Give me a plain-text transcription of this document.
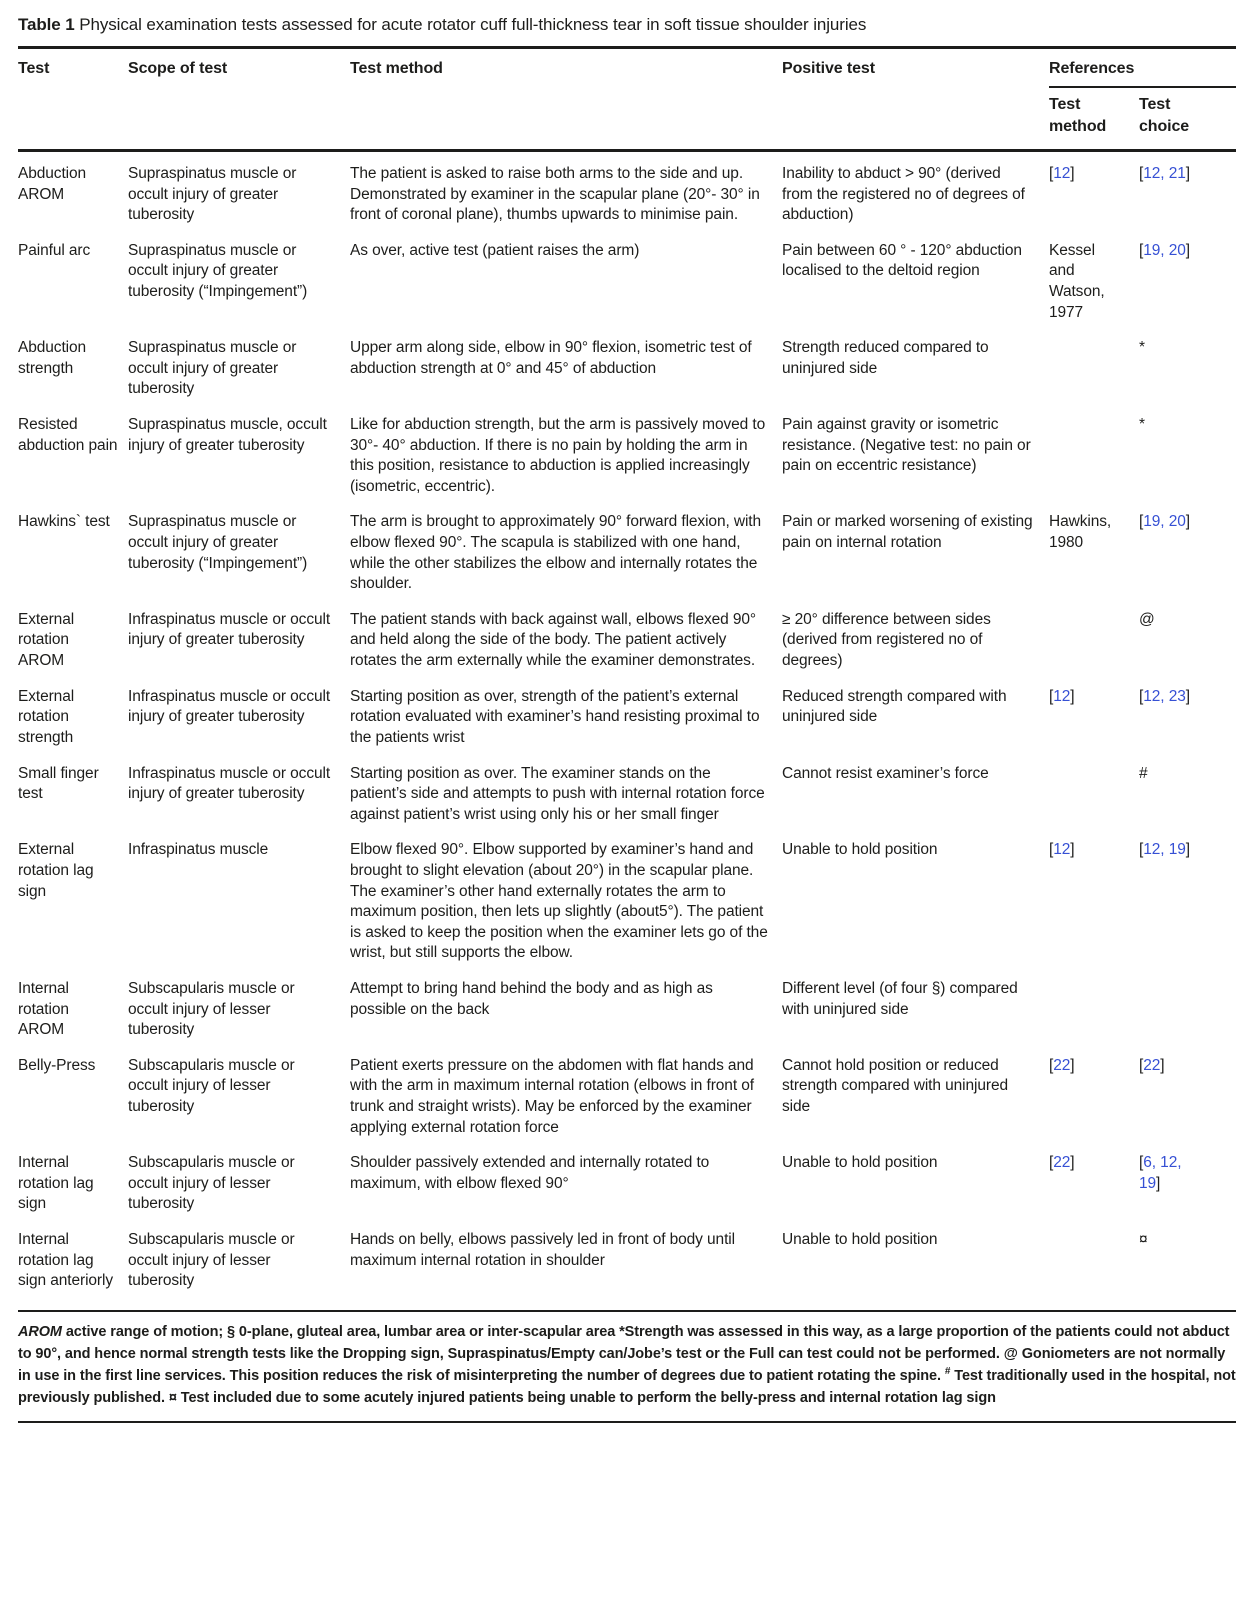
Table 1 Physical examination tests assessed for acute rotator cuff full-thickness tear in soft tissue shoulder injuries

Test	Scope of test	Test method	Positive test	References	
				Test method	Test choice
Abduction AROM	Supraspinatus muscle or occult injury of greater tuberosity	The patient is asked to raise both arms to the side and up. Demonstrated by examiner in the scapular plane (20°- 30° in front of coronal plane), thumbs upwards to minimise pain.	Inability to abduct > 90° (derived from the registered no of degrees of abduction)	[12]	[12, 21]
Painful arc	Supraspinatus muscle or occult injury of greater tuberosity (“Impingement”)	As over, active test (patient raises the arm)	Pain between 60 ° - 120° abduction localised to the deltoid region	Kessel and Watson, 1977	[19, 20]
Abduction strength	Supraspinatus muscle or occult injury of greater tuberosity	Upper arm along side, elbow in 90° flexion, isometric test of abduction strength at 0° and 45° of abduction	Strength reduced compared to uninjured side		*
Resisted abduction pain	Supraspinatus muscle, occult injury of greater tuberosity	Like for abduction strength, but the arm is passively moved to 30°- 40° abduction. If there is no pain by holding the arm in this position, resistance to abduction is applied increasingly (isometric, eccentric).	Pain against gravity or isometric resistance. (Negative test: no pain or pain on eccentric resistance)		*
Hawkins` test	Supraspinatus muscle or occult injury of greater tuberosity (“Impingement”)	The arm is brought to approximately 90° forward flexion, with elbow flexed 90°. The scapula is stabilized with one hand, while the other stabilizes the elbow and internally rotates the shoulder.	Pain or marked worsening of existing pain on internal rotation	Hawkins, 1980	[19, 20]
External rotation AROM	Infraspinatus muscle or occult injury of greater tuberosity	The patient stands with back against wall, elbows flexed 90° and held along the side of the body. The patient actively rotates the arm externally while the examiner demonstrates.	≥ 20° difference between sides (derived from registered no of degrees)		@
External rotation strength	Infraspinatus muscle or occult injury of greater tuberosity	Starting position as over, strength of the patient’s external rotation evaluated with examiner’s hand resisting proximal to the patients wrist	Reduced strength compared with uninjured side	[12]	[12, 23]
Small finger test	Infraspinatus muscle or occult injury of greater tuberosity	Starting position as over. The examiner stands on the patient’s side and attempts to push with internal rotation force against patient’s wrist using only his or her small finger	Cannot resist examiner’s force		#
External rotation lag sign	Infraspinatus muscle	Elbow flexed 90°. Elbow supported by examiner’s hand and brought to slight elevation (about 20°) in the scapular plane. The examiner’s other hand externally rotates the arm to maximum position, then lets up slightly (about5°). The patient is asked to keep the position when the examiner lets go of the wrist, but still supports the elbow.	Unable to hold position	[12]	[12, 19]
Internal rotation AROM	Subscapularis muscle or occult injury of lesser tuberosity	Attempt to bring hand behind the body and as high as possible on the back	Different level (of four §) compared with uninjured side		
Belly-Press	Subscapularis muscle or occult injury of lesser tuberosity	Patient exerts pressure on the abdomen with flat hands and with the arm in maximum internal rotation (elbows in front of trunk and straight wrists). May be enforced by the examiner applying external rotation force	Cannot hold position or reduced strength compared with uninjured side	[22]	[22]
Internal rotation lag sign	Subscapularis muscle or occult injury of lesser tuberosity	Shoulder passively extended and internally rotated to maximum, with elbow flexed 90°	Unable to hold position	[22]	[6, 12, 19]
Internal rotation lag sign anteriorly	Subscapularis muscle or occult injury of lesser tuberosity	Hands on belly, elbows passively led in front of body until maximum internal rotation in shoulder	Unable to hold position		¤

AROM active range of motion; § 0-plane, gluteal area, lumbar area or inter-scapular area *Strength was assessed in this way, as a large proportion of the patients could not abduct to 90°, and hence normal strength tests like the Dropping sign, Supraspinatus/Empty can/Jobe’s test or the Full can test could not be performed. @ Goniometers are not normally in use in the first line services. This position reduces the risk of misinterpreting the number of degrees due to patient rotating the spine. # Test traditionally used in the hospital, not previously published. ¤ Test included due to some acutely injured patients being unable to perform the belly-press and internal rotation lag sign
